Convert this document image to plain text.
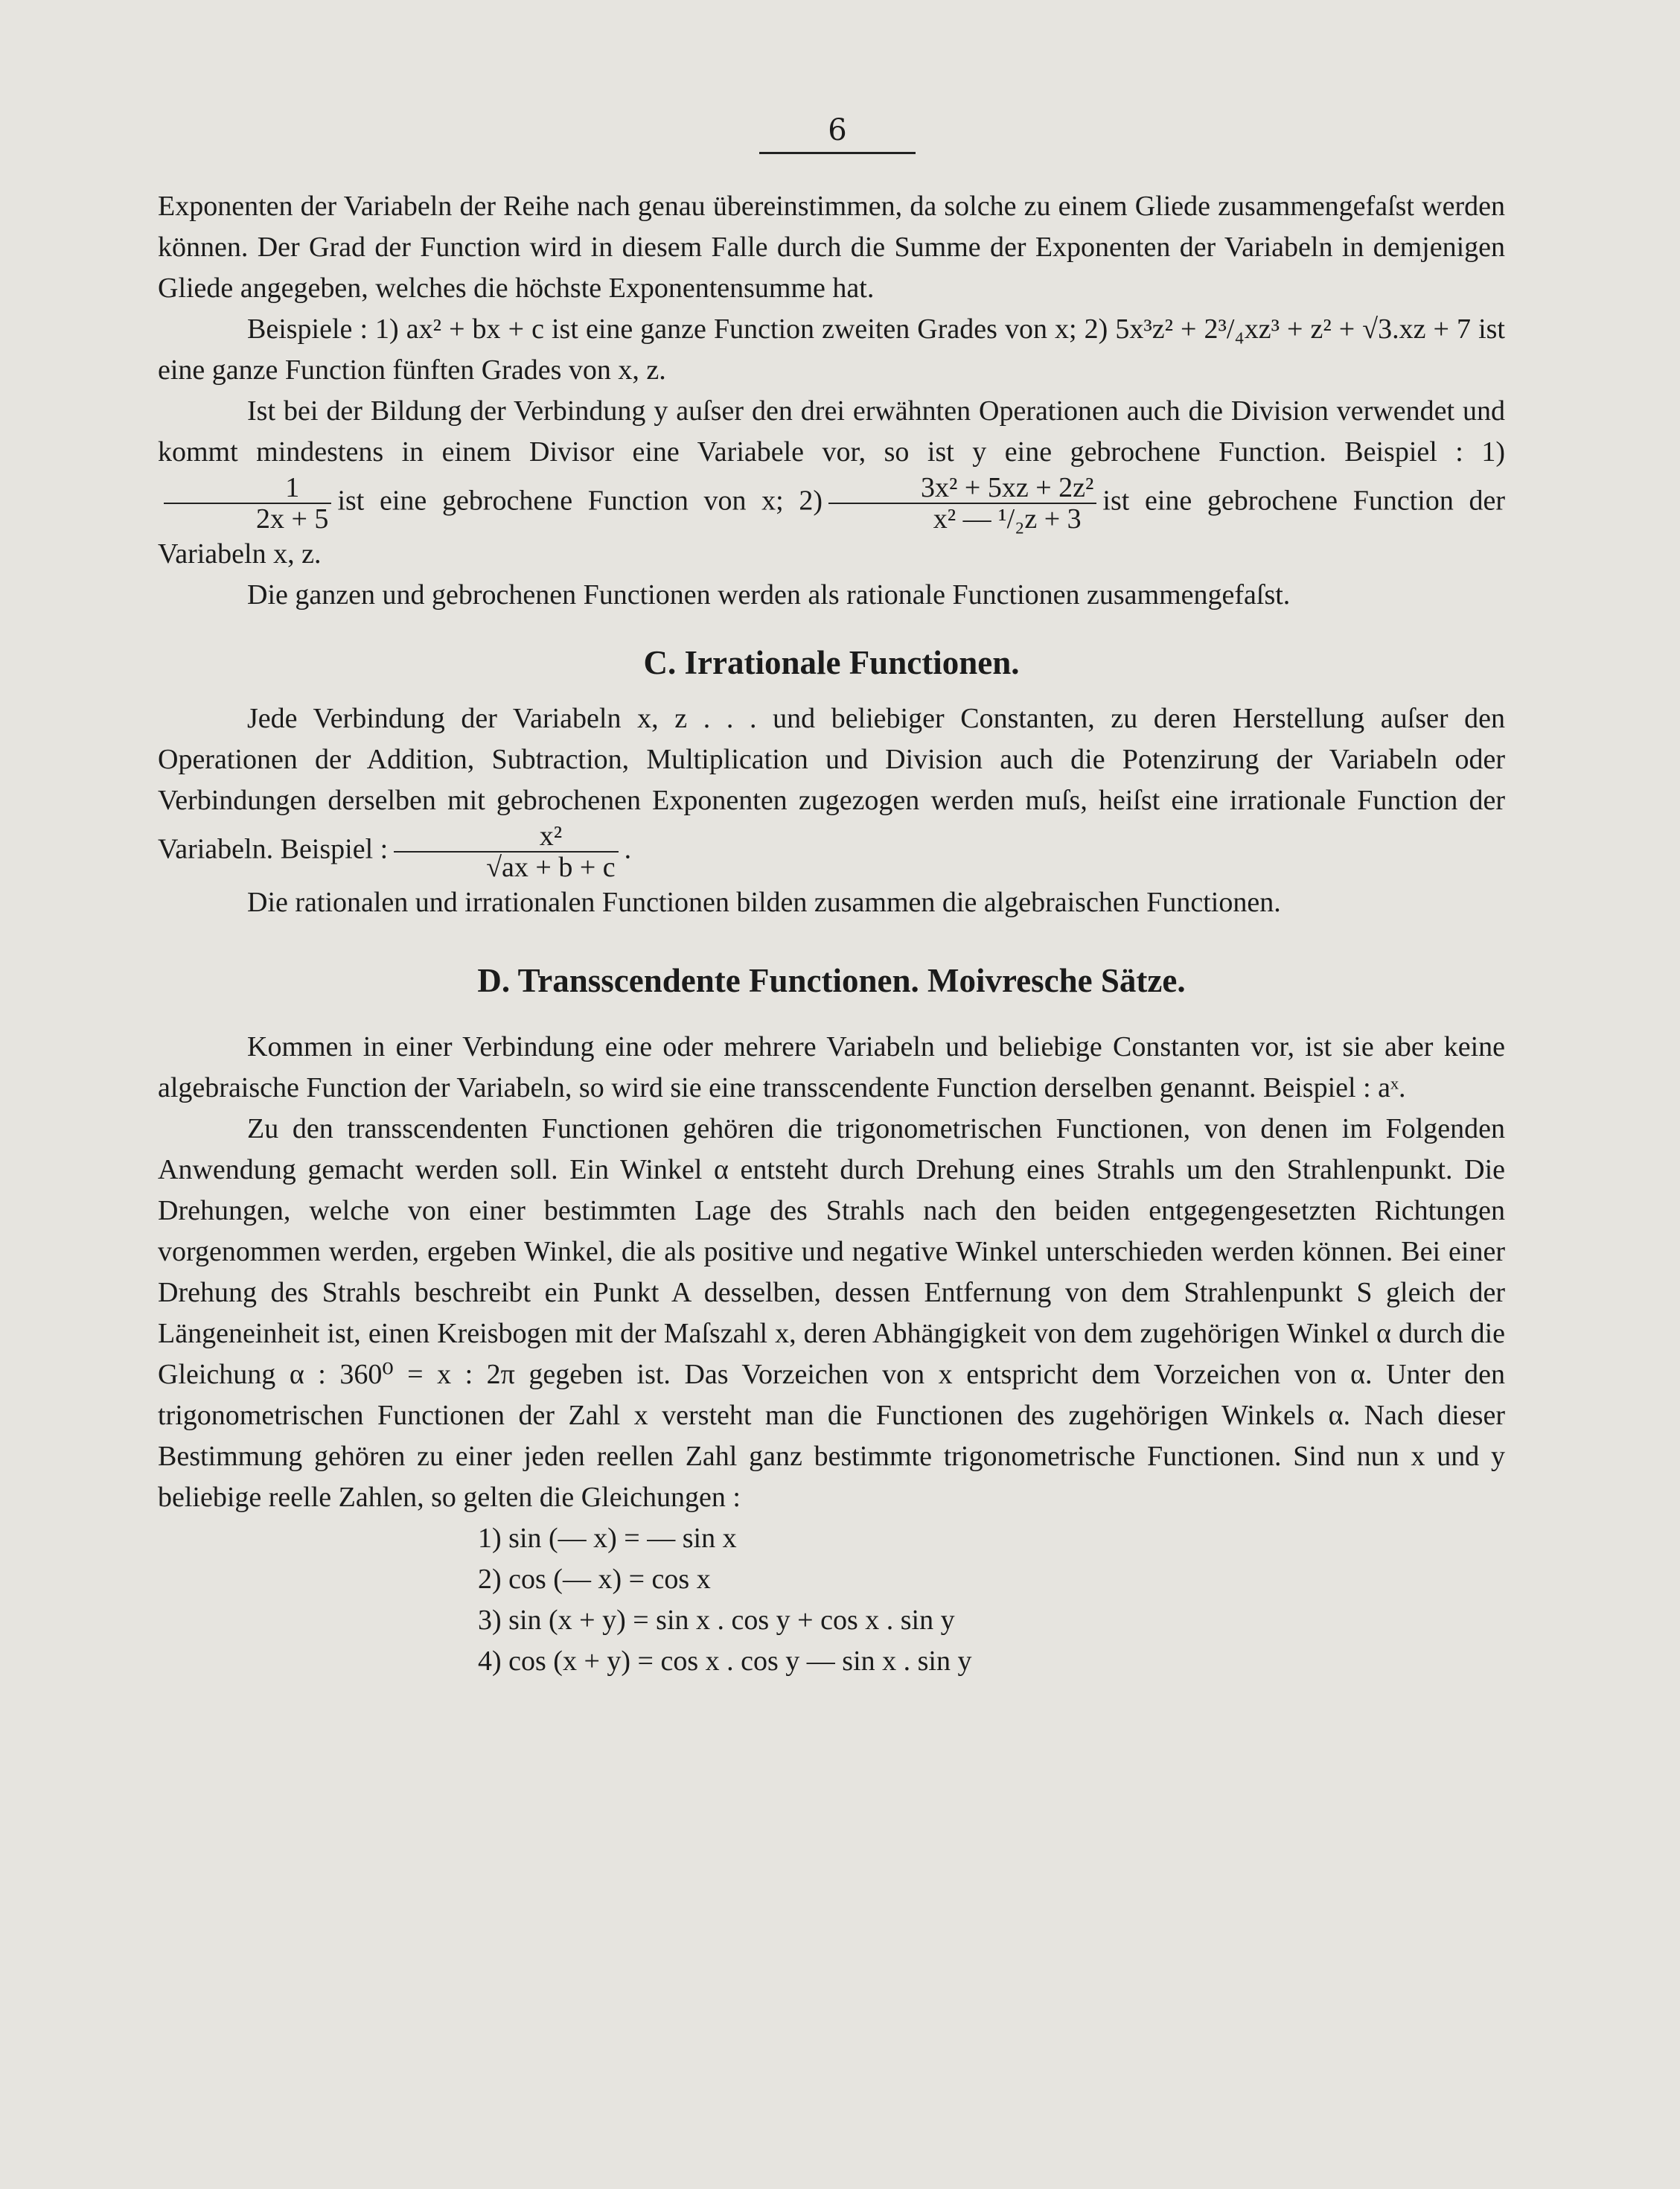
6

Exponenten der Variabeln der Reihe nach genau übereinstimmen, da solche zu einem Gliede zusammengefaſst werden können. Der Grad der Function wird in diesem Falle durch die Summe der Exponenten der Variabeln in demjenigen Gliede angegeben, welches die höchste Exponentensumme hat.

Beispiele : 1) ax² + bx + c ist eine ganze Function zweiten Grades von x; 2) 5x³z² + 2³/₄xz³ + z² + √3.xz + 7 ist eine ganze Function fünften Grades von x, z.

Ist bei der Bildung der Verbindung y auſser den drei erwähnten Operationen auch die Division verwendet und kommt mindestens in einem Divisor eine Variabele vor, so ist y eine gebrochene Function. Beispiel : 1)
$\frac{1}{2x + 5}$ ist eine gebrochene Function von x; $2) \frac{\text{3x² + 5xz + 2z²}}{\text{x² — ¹/₂z + 3}}$ ist eine gebrochene Function der Variabeln x, z.

Die ganzen und gebrochenen Functionen werden als rationale Functionen zusammengefaſst.

C. Irrationale Functionen.

Jede Verbindung der Variabeln x, z . . . und beliebiger Constanten, zu deren Herstellung auſser den Operationen der Addition, Subtraction, Multiplication und Division auch die Potenzirung der Variabeln oder Verbindungen derselben mit gebrochenen Exponenten zugezogen werden muſs, heiſst eine irrationale Function der Variabeln. Beispiel : $\frac{\text{x²}}{√ax + b + c}$ .

Die rationalen und irrationalen Functionen bilden zusammen die algebraischen Functionen.

D. Transscendente Functionen. Moivresche Sätze.

Kommen in einer Verbindung eine oder mehrere Variabeln und beliebige Constanten vor, ist sie aber keine algebraische Function der Variabeln, so wird sie eine transscendente Function derselben genannt. Beispiel : aˣ.

Zu den transscendenten Functionen gehören die trigonometrischen Functionen, von denen im Folgenden Anwendung gemacht werden soll. Ein Winkel α entsteht durch Drehung eines Strahls um den Strahlenpunkt. Die Drehungen, welche von einer bestimmten Lage des Strahls nach den beiden entgegengesetzten Richtungen vorgenommen werden, ergeben Winkel, die als positive und negative Winkel unterschieden werden können. Bei einer Drehung des Strahls beschreibt ein Punkt A desselben, dessen Entfernung von dem Strahlenpunkt S gleich der Längeneinheit ist, einen Kreisbogen mit der Maſszahl x, deren Abhängigkeit von dem zugehörigen Winkel α durch die Gleichung α : 360⁰ = x : 2π gegeben ist. Das Vorzeichen von x entspricht dem Vorzeichen von α. Unter den trigonometrischen Functionen der Zahl x versteht man die Functionen des zugehörigen Winkels α. Nach dieser Bestimmung gehören zu einer jeden reellen Zahl ganz bestimmte trigonometrische Functionen. Sind nun x und y beliebige reelle Zahlen, so gelten die Gleichungen :

1) sin (— x) = — sin x
2) cos (— x) = cos x
3) sin (x + y) = sin x . cos y + cos x . sin y
4) cos (x + y) = cos x . cos y — sin x . sin y
